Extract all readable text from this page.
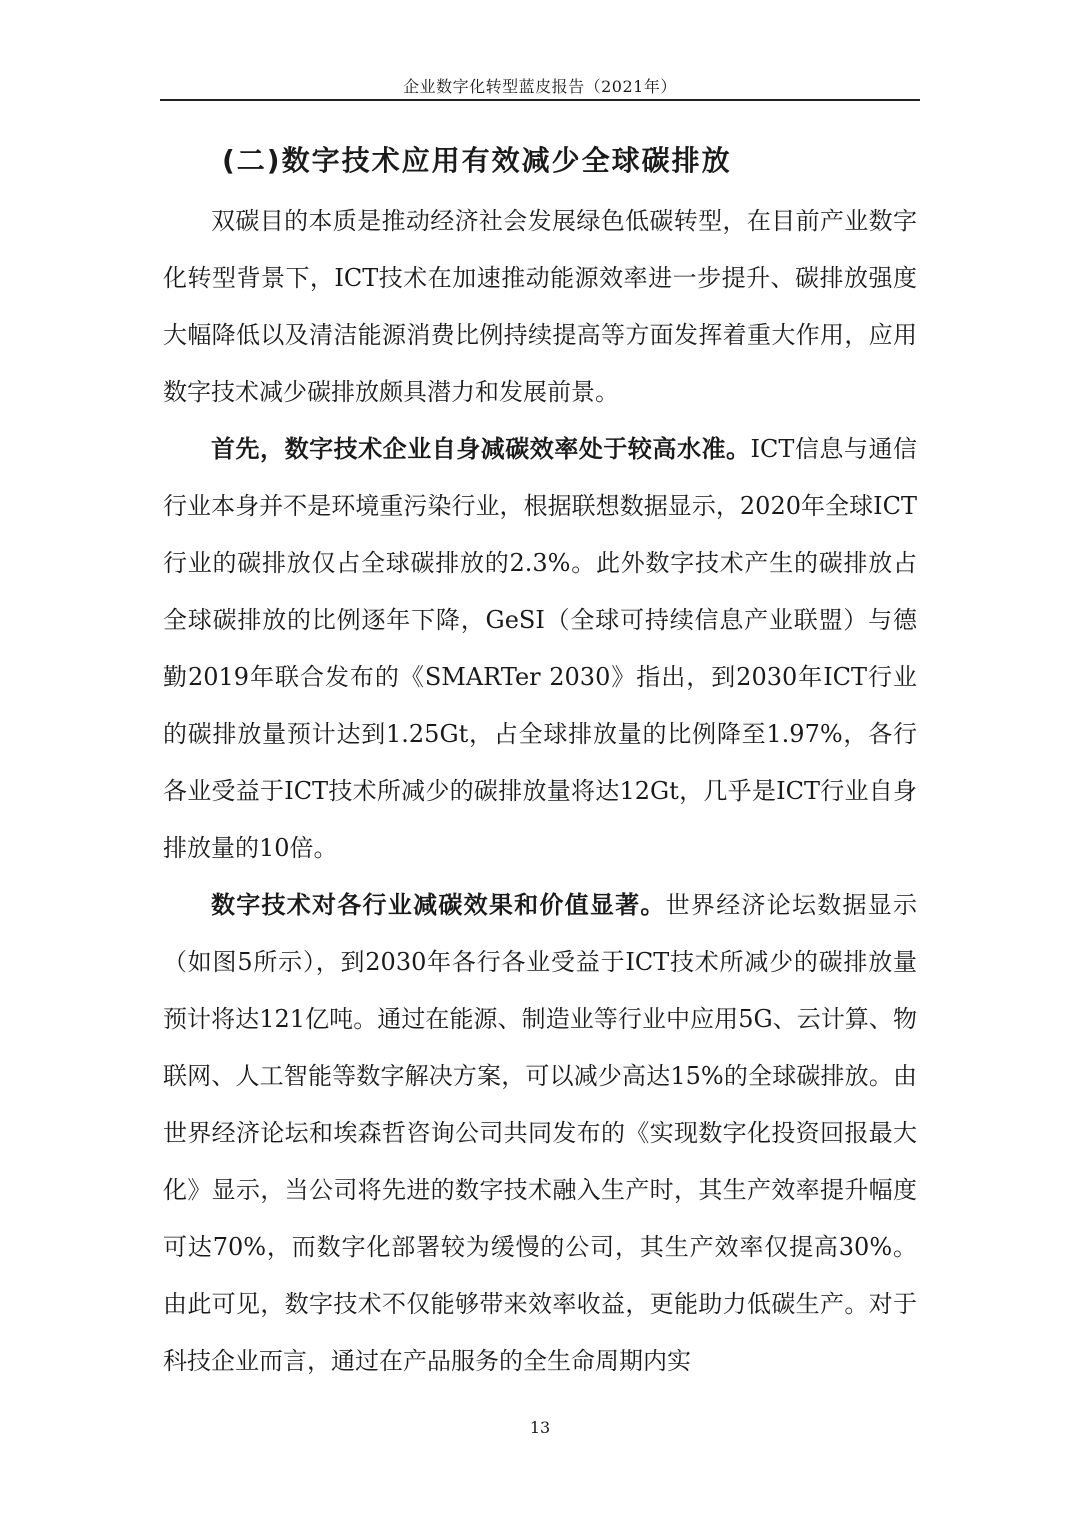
企业数字化转型蓝皮报告（2021年）
(二)数字技术应用有效减少全球碳排放

双碳目的本质是推动经济社会发展绿色低碳转型，在目前产业数字化转型背景下，ICT技术在加速推动能源效率进一步提升、碳排放强度大幅降低以及清洁能源消费比例持续提高等方面发挥着重大作用，应用数字技术减少碳排放颇具潜力和发展前景。

首先，数字技术企业自身减碳效率处于较高水准。ICT信息与通信行业本身并不是环境重污染行业，根据联想数据显示，2020年全球ICT行业的碳排放仅占全球碳排放的2.3%。此外数字技术产生的碳排放占全球碳排放的比例逐年下降，GeSI（全球可持续信息产业联盟）与德勤2019年联合发布的《SMARTer 2030》指出，到2030年ICT行业的碳排放量预计达到1.25Gt，占全球排放量的比例降至1.97%，各行各业受益于ICT技术所减少的碳排放量将达12Gt，几乎是ICT行业自身排放量的10倍。

数字技术对各行业减碳效果和价值显著。世界经济论坛数据显示（如图5所示），到2030年各行各业受益于ICT技术所减少的碳排放量预计将达121亿吨。通过在能源、制造业等行业中应用5G、云计算、物联网、人工智能等数字解决方案，可以减少高达15%的全球碳排放。由世界经济论坛和埃森哲咨询公司共同发布的《实现数字化投资回报最大化》显示，当公司将先进的数字技术融入生产时，其生产效率提升幅度可达70%，而数字化部署较为缓慢的公司，其生产效率仅提高30%。由此可见，数字技术不仅能够带来效率收益，更能助力低碳生产。对于科技企业而言，通过在产品服务的全生命周期内实

13
